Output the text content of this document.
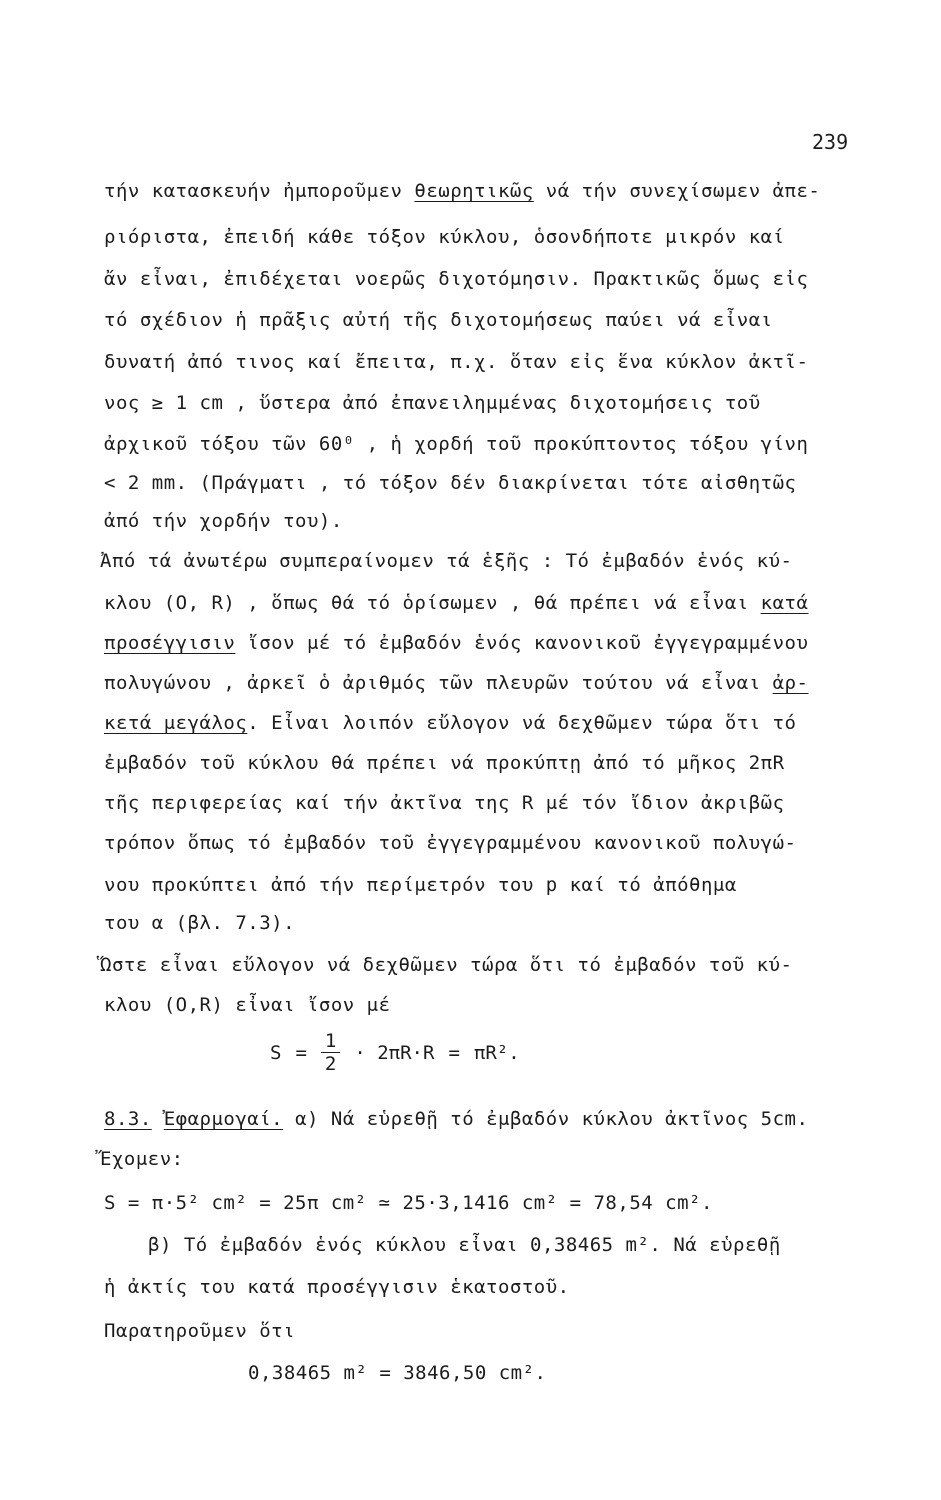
239
τήν κατασκευήν ἠμποροῦμεν θεωρητικῶς νά τήν συνεχίσωμεν ἀπε-
ριόριστα, ἐπειδή κάθε τόξον κύκλου, ὁσονδήποτε μικρόν καί
ἄν εἶναι, ἐπιδέχεται νοερῶς διχοτόμησιν. Πρακτικῶς ὅμως εἰς
τό σχέδιον ἡ πρᾶξις αὐτή τῆς διχοτομήσεως παύει νά εἶναι
δυνατή ἀπό τινος καί ἔπειτα, π.χ. ὅταν εἰς ἕνα κύκλον ἀκτῖ-
νος ≥ 1 cm , ὕστερα ἀπό ἐπανειλημμένας διχοτομήσεις τοῦ
ἀρχικοῦ τόξου τῶν 60⁰ , ἡ χορδή τοῦ προκύπτοντος τόξου γίνη
< 2 mm. (Πράγματι , τό τόξον δέν διακρίνεται τότε αἰσθητῶς
ἀπό τήν χορδήν του).
Ἀπό τά ἀνωτέρω συμπεραίνομεν τά ἑξῆς : Τό ἐμβαδόν ἑνός κύ-
κλου (O, R) , ὅπως θά τό ὁρίσωμεν , θά πρέπει νά εἶναι κατά
προσέγγισιν ἴσον μέ τό ἐμβαδόν ἑνός κανονικοῦ ἐγγεγραμμένου
πολυγώνου , ἀρκεῖ ὁ ἀριθμός τῶν πλευρῶν τούτου νά εἶναι ἀρ-
κετά μεγάλος. Εἶναι λοιπόν εὔλογον νά δεχθῶμεν τώρα ὅτι τό
ἐμβαδόν τοῦ κύκλου θά πρέπει νά προκύπτῃ ἀπό τό μῆκος 2πR
τῆς περιφερείας καί τήν ἀκτῖνα της R μέ τόν ἴδιον ἀκριβῶς
τρόπον ὅπως τό ἐμβαδόν τοῦ ἐγγεγραμμένου κανονικοῦ πολυγώ-
νου προκύπτει ἀπό τήν περίμετρόν του p καί τό ἀπόθημα
του α (βλ. 7.3).
Ὥστε εἶναι εὔλογον νά δεχθῶμεν τώρα ὅτι τό ἐμβαδόν τοῦ κύ-
κλου (O,R) εἶναι ἴσον μέ
$S = \frac{1}{2} \cdot 2\pi R\cdot R = \pi R^2$.
8.3. Ἐφαρμογαί. α) Νά εὑρεθῇ τό ἐμβαδόν κύκλου ἀκτῖνος 5cm.
Ἔχομεν:
S = π·5² cm² = 25π cm² ≃ 25·3,1416 cm² = 78,54 cm².
β) Τό ἐμβαδόν ἑνός κύκλου εἶναι 0,38465 m². Νά εὑρεθῇ
ἡ ἀκτίς του κατά προσέγγισιν ἑκατοστοῦ.
Παρατηροῦμεν ὅτι
0,38465 m² = 3846,50 cm².
